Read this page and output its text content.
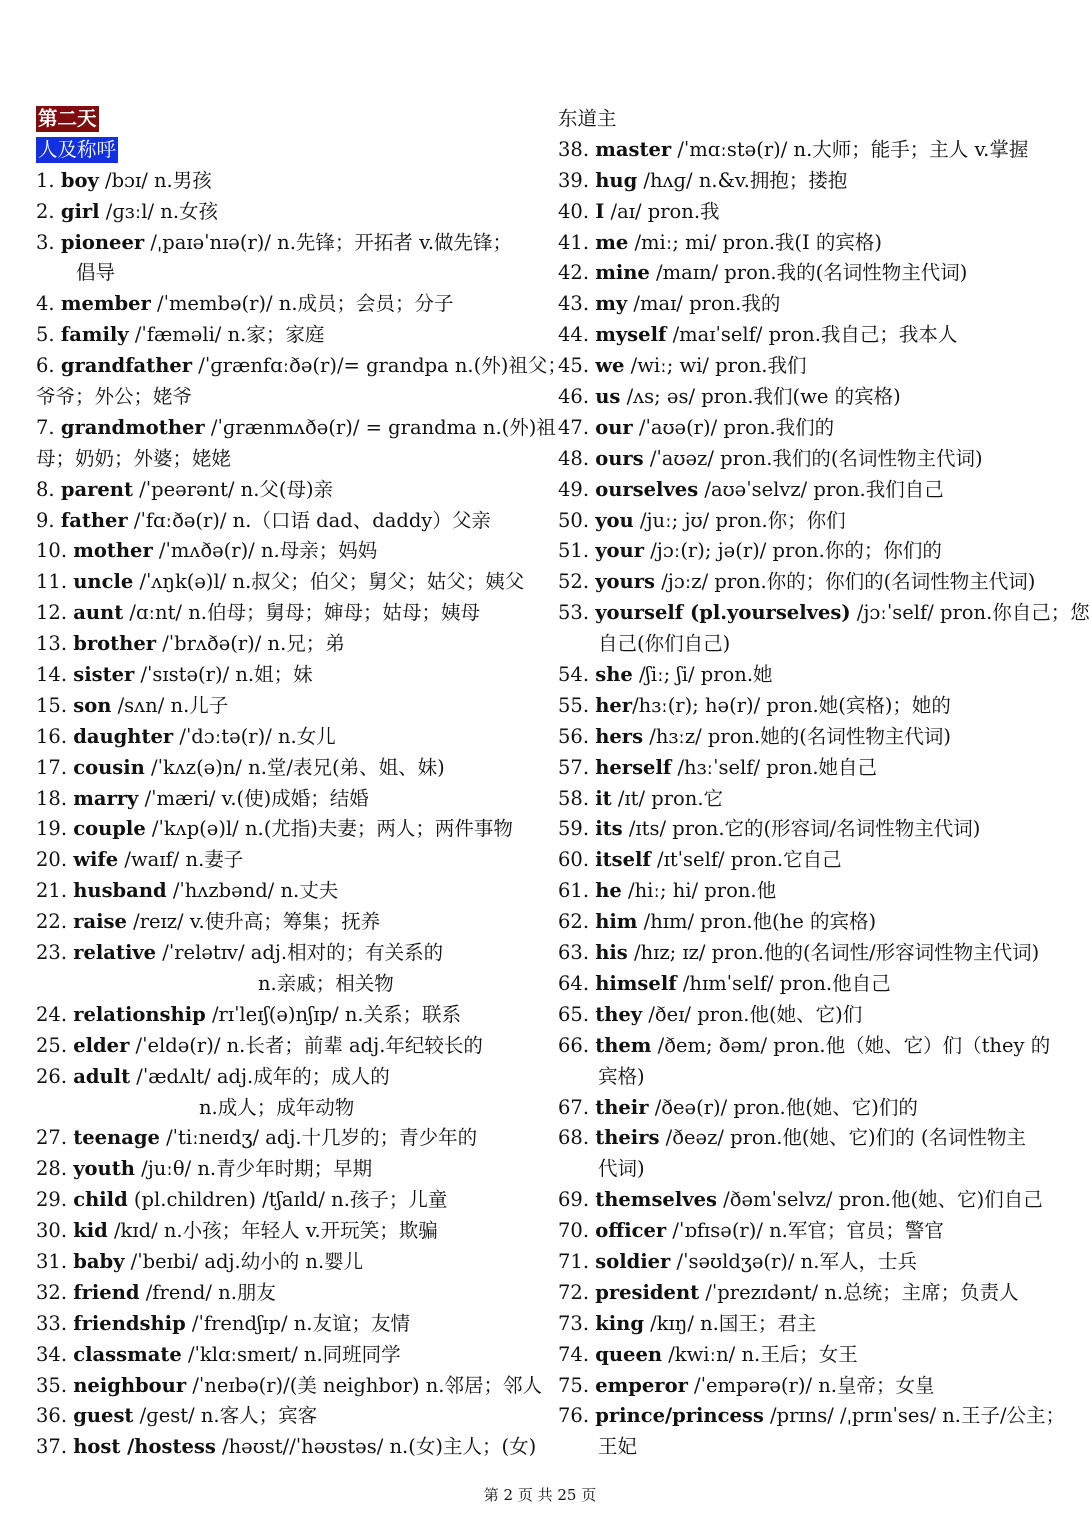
第二天
人及称呼
1. boy /bɔɪ/ n.男孩
2. girl /ɡɜːl/ n.女孩
3. pioneer /ˌpaɪəˈnɪə(r)/ n.先锋；开拓者 v.做先锋；
倡导
4. member /ˈmembə(r)/ n.成员；会员；分子
5. family /ˈfæməli/ n.家；家庭
6. grandfather /ˈɡrænfɑːðə(r)/= grandpa n.(外)祖父；
爷爷；外公；姥爷
7. grandmother /ˈɡrænmʌðə(r)/ = grandma n.(外)祖
母；奶奶；外婆；姥姥
8. parent /ˈpeərənt/ n.父(母)亲
9. father /ˈfɑːðə(r)/ n.（口语 dad、daddy）父亲
10. mother /ˈmʌðə(r)/ n.母亲；妈妈
11. uncle /ˈʌŋk(ə)l/ n.叔父；伯父；舅父；姑父；姨父
12. aunt /ɑːnt/ n.伯母；舅母；婶母；姑母；姨母
13. brother /ˈbrʌðə(r)/ n.兄；弟
14. sister /ˈsɪstə(r)/ n.姐；妹
15. son /sʌn/ n.儿子
16. daughter /ˈdɔːtə(r)/ n.女儿
17. cousin /ˈkʌz(ə)n/ n.堂/表兄(弟、姐、妹)
18. marry /ˈmæri/ v.(使)成婚；结婚
19. couple /ˈkʌp(ə)l/ n.(尤指)夫妻；两人；两件事物
20. wife /waɪf/ n.妻子
21. husband /ˈhʌzbənd/ n.丈夫
22. raise /reɪz/ v.使升高；筹集；抚养
23. relative /ˈrelətɪv/ adj.相对的；有关系的
n.亲戚；相关物
24. relationship /rɪˈleɪʃ(ə)nʃɪp/ n.关系；联系
25. elder /ˈeldə(r)/ n.长者；前辈 adj.年纪较长的
26. adult /ˈædʌlt/ adj.成年的；成人的
n.成人；成年动物
27. teenage /ˈtiːneɪdʒ/ adj.十几岁的；青少年的
28. youth /juːθ/ n.青少年时期；早期
29. child (pl.children) /tʃaɪld/ n.孩子；儿童
30. kid /kɪd/ n.小孩；年轻人 v.开玩笑；欺骗
31. baby /ˈbeɪbi/ adj.幼小的 n.婴儿
32. friend /frend/ n.朋友
33. friendship /ˈfrendʃɪp/ n.友谊；友情
34. classmate /ˈklɑːsmeɪt/ n.同班同学
35. neighbour /ˈneɪbə(r)/(美 neighbor) n.邻居；邻人
36. guest /ɡest/ n.客人；宾客
37. host /hostess /həʊst//ˈhəʊstəs/ n.(女)主人；(女)
东道主
38. master /ˈmɑːstə(r)/ n.大师；能手；主人 v.掌握
39. hug /hʌɡ/ n.&v.拥抱；搂抱
40. I /aɪ/ pron.我
41. me /miː; mi/ pron.我(I 的宾格)
42. mine /maɪn/ pron.我的(名词性物主代词)
43. my /maɪ/ pron.我的
44. myself /maɪˈself/ pron.我自己；我本人
45. we /wiː; wi/ pron.我们
46. us /ʌs; əs/ pron.我们(we 的宾格)
47. our /ˈaʊə(r)/ pron.我们的
48. ours /ˈaʊəz/ pron.我们的(名词性物主代词)
49. ourselves /aʊəˈselvz/ pron.我们自己
50. you /juː; jʊ/ pron.你；你们
51. your /jɔː(r); jə(r)/ pron.你的；你们的
52. yours /jɔːz/ pron.你的；你们的(名词性物主代词)
53. yourself (pl.yourselves) /jɔːˈself/ pron.你自己；您
自己(你们自己)
54. she /ʃiː; ʃi/ pron.她
55. her/hɜː(r); hə(r)/ pron.她(宾格)；她的
56. hers /hɜːz/ pron.她的(名词性物主代词)
57. herself /hɜːˈself/ pron.她自己
58. it /ɪt/ pron.它
59. its /ɪts/ pron.它的(形容词/名词性物主代词)
60. itself /ɪtˈself/ pron.它自己
61. he /hiː; hi/ pron.他
62. him /hɪm/ pron.他(he 的宾格)
63. his /hɪz; ɪz/ pron.他的(名词性/形容词性物主代词)
64. himself /hɪmˈself/ pron.他自己
65. they /ðeɪ/ pron.他(她、它)们
66. them /ðem; ðəm/ pron.他（她、它）们（they 的
宾格)
67. their /ðeə(r)/ pron.他(她、它)们的
68. theirs /ðeəz/ pron.他(她、它)们的 (名词性物主
代词)
69. themselves /ðəmˈselvz/ pron.他(她、它)们自己
70. officer /ˈɒfɪsə(r)/ n.军官；官员；警官
71. soldier /ˈsəʊldʒə(r)/ n.军人，士兵
72. president /ˈprezɪdənt/ n.总统；主席；负责人
73. king /kɪŋ/ n.国王；君主
74. queen /kwiːn/ n.王后；女王
75. emperor /ˈempərə(r)/ n.皇帝；女皇
76. prince/princess /prɪns/ /ˌprɪnˈses/ n.王子/公主；
王妃
第 2 页 共 25 页
